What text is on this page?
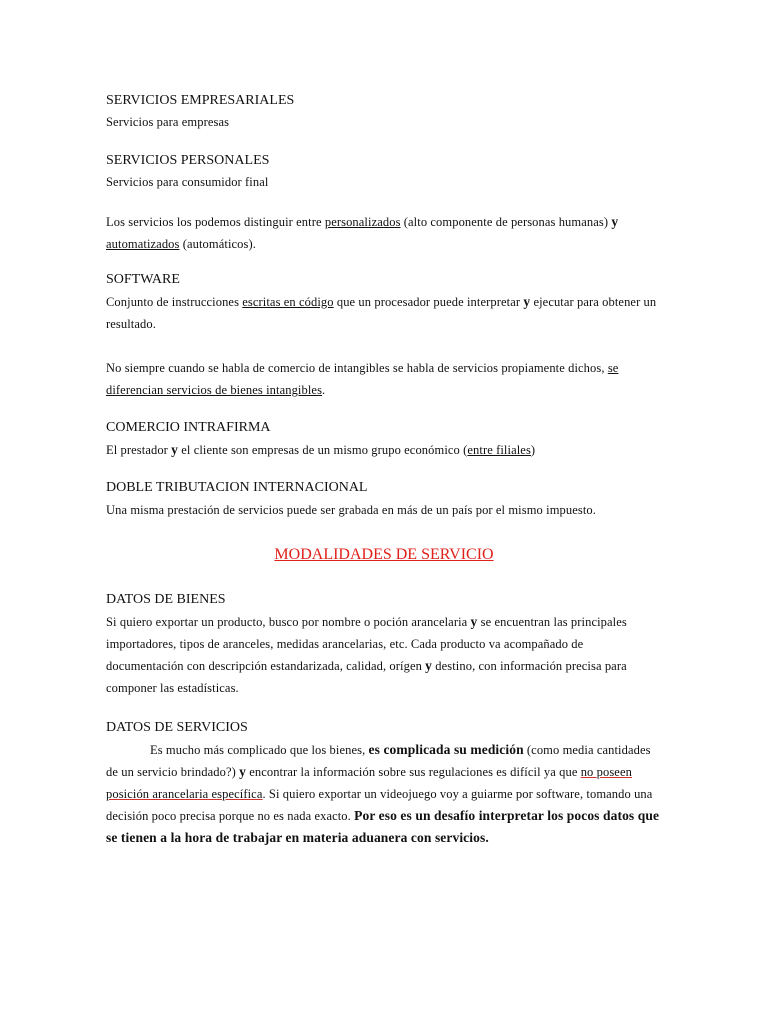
SERVICIOS EMPRESARIALES

Servicios para empresas

SERVICIOS PERSONALES

Servicios para consumidor final

Los servicios los podemos distinguir entre personalizados (alto componente de personas humanas) y automatizados (automáticos).

SOFTWARE

Conjunto de instrucciones escritas en código que un procesador puede interpretar y ejecutar para obtener un resultado.

No siempre cuando se habla de comercio de intangibles se habla de servicios propiamente dichos, se diferencian servicios de bienes intangibles.

COMERCIO INTRAFIRMA

El prestador y el cliente son empresas de un mismo grupo económico (entre filiales)

DOBLE TRIBUTACION INTERNACIONAL

Una misma prestación de servicios puede ser grabada en más de un país por el mismo impuesto.

MODALIDADES DE SERVICIO

DATOS DE BIENES

Si quiero exportar un producto, busco por nombre o poción arancelaria y se encuentran las principales importadores, tipos de aranceles, medidas arancelarias, etc. Cada producto va acompañado de documentación con descripción estandarizada, calidad, orígen y destino, con información precisa para componer las estadísticas.

DATOS DE SERVICIOS

Es mucho más complicado que los bienes, es complicada su medición (como media cantidades de un servicio brindado?) y encontrar la información sobre sus regulaciones es difícil ya que no poseen posición arancelaria específica. Si quiero exportar un videojuego voy a guiarme por software, tomando una decisión poco precisa porque no es nada exacto. Por eso es un desafío interpretar los pocos datos que se tienen a la hora de trabajar en materia aduanera con servicios.
